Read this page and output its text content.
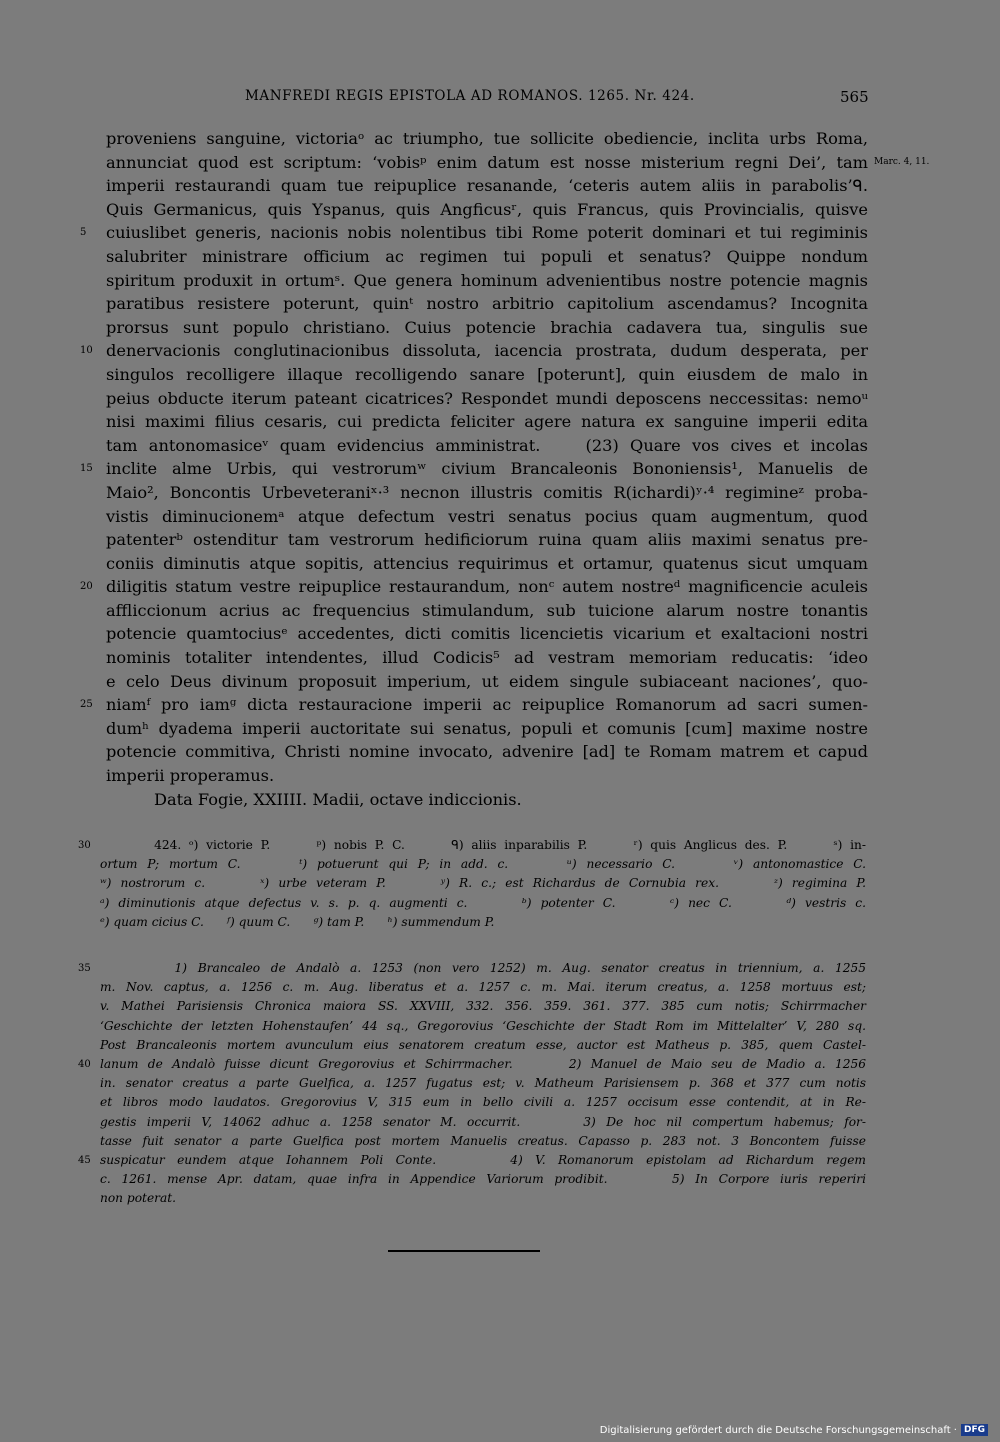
MANFREDI REGIS EPISTOLA AD ROMANOS. 1265. Nr. 424.	565
proveniens sanguine, victoriaᵒ ac triumpho, tue sollicite obediencie, inclita urbs Roma,
annunciat quod est scriptum: ‘vobisᵖ enim datum est nosse misterium regni Dei’, tam Marc. 4, 11.
imperii restaurandi quam tue reipuplice resanande, ‘ceteris autem aliis in parabolis’ᑫ.
Quis Germanicus, quis Yspanus, quis Angficusʳ, quis Francus, quis Provincialis, quisve
5	cuiuslibet generis, nacionis nobis nolentibus tibi Rome poterit dominari et tui regiminis
salubriter ministrare officium ac regimen tui populi et senatus? Quippe nondum
spiritum produxit in ortumˢ. Que genera hominum advenientibus nostre potencie magnis
paratibus resistere poterunt, quinᵗ nostro arbitrio capitolium ascendamus? Incognita
prorsus sunt populo christiano. Cuius potencie brachia cadavera tua, singulis sue
10 denervacionis conglutinacionibus dissoluta, iacencia prostrata, dudum desperata, per
singulos recolligere illaque recolligendo sanare [poterunt], quin eiusdem de malo in
peius obducte iterum pateant cicatrices? Respondet mundi deposcens neccessitas: nemoᵘ
nisi maximi filius cesaris, cui predicta feliciter agere natura ex sanguine imperii edita
tam antonomasiceᵛ quam evidencius amministrat.    (23) Quare vos cives et incolas
15 inclite alme Urbis, qui vestrorumʷ civium Brancaleonis Bononiensis¹, Manuelis de
Maio², Boncontis Urbeveteraniˣ·³ necnon illustris comitis R(ichardi)ʸ·⁴ regimineᶻ proba-
vistis diminucionemᵃ atque defectum vestri senatus pocius quam augmentum, quod
patenterᵇ ostenditur tam vestrorum hedificiorum ruina quam aliis maximi senatus pre-
coniis diminutis atque sopitis, attencius requirimus et ortamur, quatenus sicut umquam
20 diligitis statum vestre reipuplice restaurandum, nonᶜ autem nostreᵈ magnificencie aculeis
affliccionum acrius ac frequencius stimulandum, sub tuicione alarum nostre tonantis
potencie quamtociusᵉ accedentes, dicti comitis licencietis vicarium et exaltacioni nostri
nominis totaliter intendentes, illud Codicis⁵ ad vestram memoriam reducatis: ‘ideo
e celo Deus divinum proposuit imperium, ut eidem singule subiaceant naciones’, quo-
25 niamᶠ pro iamᵍ dicta restauracione imperii ac reipuplice Romanorum ad sacri sumen-
dumʰ dyadema imperii auctoritate sui senatus, populi et comunis [cum] maxime nostre
potencie commitiva, Christi nomine invocato, advenire [ad] te Romam matrem et capud
imperii properamus.
Data Fogie, XXIIII. Madii, octave indiccionis.
30 424. ᵒ) victorie P.      ᵖ) nobis P. C.      ᑫ) aliis inparabilis P.      ʳ) quis Anglicus des. P.      ˢ) in-
ortum P; mortum C.      ᵗ) potuerunt qui P; in add. c.      ᵘ) necessario C.      ᵛ) antonomastice C.
ʷ) nostrorum c.      ˣ) urbe veteram P.      ʸ) R. c.; est Richardus de Cornubia rex.      ᶻ) regimina P.
ᵃ) diminutionis atque defectus v. s. p. q. augmenti c.      ᵇ) potenter C.      ᶜ) nec C.      ᵈ) vestris c.
ᵉ) quam cicius C.      ᶠ) quum C.      ᵍ) tam P.      ʰ) summendum P.
35 1) Brancaleo de Andalò a. 1253 (non vero 1252) m. Aug. senator creatus in triennium, a. 1255
m. Nov. captus, a. 1256 c. m. Aug. liberatus et a. 1257 c. m. Mai. iterum creatus, a. 1258 mortuus est;
v. Mathei Parisiensis Chronica maiora SS. XXVIII, 332. 356. 359. 361. 377. 385 cum notis; Schirrmacher
‘Geschichte der letzten Hohenstaufen’ 44 sq., Gregorovius ‘Geschichte der Stadt Rom im Mittelalter’ V, 280 sq.
Post Brancaleonis mortem avunculum eius senatorem creatum esse, auctor est Matheus p. 385, quem Castel-
40 lanum de Andalò fuisse dicunt Gregorovius et Schirrmacher.      2) Manuel de Maio seu de Madio a. 1256
in. senator creatus a parte Guelfica, a. 1257 fugatus est; v. Matheum Parisiensem p. 368 et 377 cum notis
et libros modo laudatos. Gregorovius V, 315 eum in bello civili a. 1257 occisum esse contendit, at in Re-
gestis imperii V, 14062 adhuc a. 1258 senator M. occurrit.      3) De hoc nil compertum habemus; for-
tasse fuit senator a parte Guelfica post mortem Manuelis creatus. Capasso p. 283 not. 3 Boncontem fuisse
45 suspicatur eundem atque Iohannem Poli Conte.      4) V. Romanorum epistolam ad Richardum regem
c. 1261. mense Apr. datam, quae infra in Appendice Variorum prodibit.      5) In Corpore iuris reperiri
non poterat.
Digitalisierung gefördert durch die Deutsche Forschungsgemeinschaft · DFG
